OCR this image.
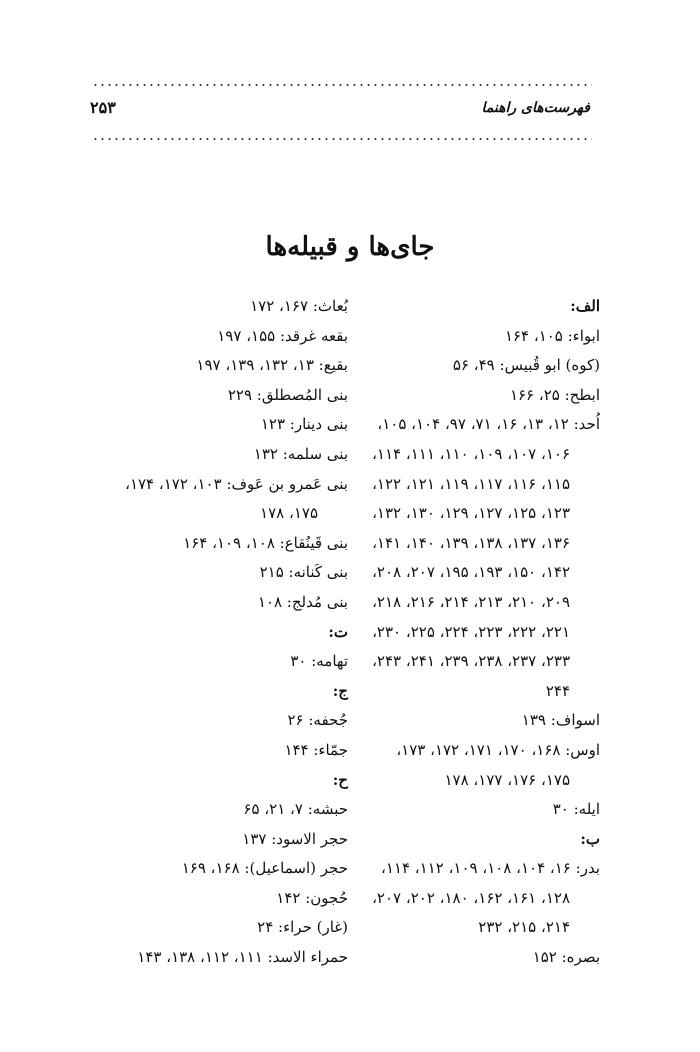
فهرست‌های راهنما
۲۵۳
جای‌ها و قبیله‌ها
الف:
ابواء: ۱۰۵، ۱۶۴
(کوه) ابو قُبیس: ۴۹، ۵۶
ابطح: ۲۵، ۱۶۶
اُحد: ۱۲، ۱۳، ۱۶، ۷۱، ۹۷، ۱۰۴، ۱۰۵،
۱۰۶، ۱۰۷، ۱۰۹، ۱۱۰، ۱۱۱، ۱۱۴،
۱۱۵، ۱۱۶، ۱۱۷، ۱۱۹، ۱۲۱، ۱۲۲،
۱۲۳، ۱۲۵، ۱۲۷، ۱۲۹، ۱۳۰، ۱۳۲،
۱۳۶، ۱۳۷، ۱۳۸، ۱۳۹، ۱۴۰، ۱۴۱،
۱۴۲، ۱۵۰، ۱۹۳، ۱۹۵، ۲۰۷، ۲۰۸،
۲۰۹، ۲۱۰، ۲۱۳، ۲۱۴، ۲۱۶، ۲۱۸،
۲۲۱، ۲۲۲، ۲۲۳، ۲۲۴، ۲۲۵، ۲۳۰،
۲۳۳، ۲۳۷، ۲۳۸، ۲۳۹، ۲۴۱، ۲۴۳،
۲۴۴
اسواف: ۱۳۹
اوس: ۱۶۸، ۱۷۰، ۱۷۱، ۱۷۲، ۱۷۳،
۱۷۵، ۱۷۶، ۱۷۷، ۱۷۸
ایله: ۳۰
ب:
بدر: ۱۶، ۱۰۴، ۱۰۸، ۱۰۹، ۱۱۲، ۱۱۴،
۱۲۸، ۱۶۱، ۱۶۲، ۱۸۰، ۲۰۲، ۲۰۷،
۲۱۴، ۲۱۵، ۲۳۲
بصره: ۱۵۲
بُعاث: ۱۶۷، ۱۷۲
بقعه غرقد: ۱۵۵، ۱۹۷
بقیع: ۱۳، ۱۳۲، ۱۳۹، ۱۹۷
بنی المُصطلق: ۲۲۹
بنی دینار: ۱۲۳
بنی سلمه: ۱۳۲
بنی عَمرو بن عَوف: ۱۰۳، ۱۷۲، ۱۷۴،
۱۷۵، ۱۷۸
بنی قَینُقاع: ۱۰۸، ۱۰۹، ۱۶۴
بنی کَنانه: ۲۱۵
بنی مُدلج: ۱۰۸
ت:
تهامه: ۳۰
ج:
جُحفه: ۲۶
جمّاء: ۱۴۴
ح:
حبشه: ۷، ۲۱، ۶۵
حجر الاسود: ۱۳۷
حجر (اسماعیل): ۱۶۸، ۱۶۹
حُجون: ۱۴۲
(غار) حراء: ۲۴
حمراء الاسد: ۱۱۱، ۱۱۲، ۱۳۸، ۱۴۳
